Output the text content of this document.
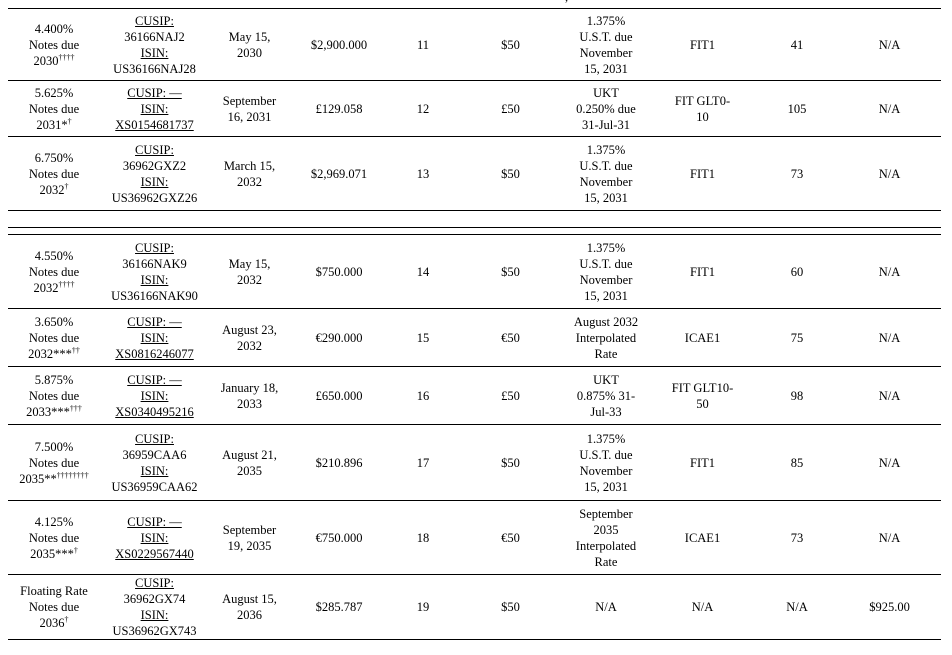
4.400%
Notes due
2030††††	CUSIP:
36166NAJ2
ISIN:
US36166NAJ28	May 15,
2030	$2,900.000	11	$50	1.375%
U.S.T. due
November
15, 2031	FIT1	41	N/A

5.625%
Notes due
2031*†	CUSIP: —
ISIN:
XS0154681737	September
16, 2031	£129.058	12	£50	UKT
0.250% due
31-Jul-31	FIT GLT0-
10	105	N/A

6.750%
Notes due
2032†	CUSIP:
36962GXZ2
ISIN:
US36962GXZ26	March 15,
2032	$2,969.071	13	$50	1.375%
U.S.T. due
November
15, 2031	FIT1	73	N/A
4.550%
Notes due
2032††††	CUSIP:
36166NAK9
ISIN:
US36166NAK90	May 15,
2032	$750.000	14	$50	1.375%
U.S.T. due
November
15, 2031	FIT1	60	N/A

3.650%
Notes due
2032***††	CUSIP: —
ISIN:
XS0816246077	August 23,
2032	€290.000	15	€50	August 2032
Interpolated
Rate	ICAE1	75	N/A

5.875%
Notes due
2033***†††	CUSIP: —
ISIN:
XS0340495216	January 18,
2033	£650.000	16	£50	UKT
0.875% 31-
Jul-33	FIT GLT10-
50	98	N/A

7.500%
Notes due
2035**††††††††	CUSIP:
36959CAA6
ISIN:
US36959CAA62	August 21,
2035	$210.896	17	$50	1.375%
U.S.T. due
November
15, 2031	FIT1	85	N/A

4.125%
Notes due
2035***†	CUSIP: —
ISIN:
XS0229567440	September
19, 2035	€750.000	18	€50	September
2035
Interpolated
Rate	ICAE1	73	N/A

Floating Rate
Notes due
2036†	CUSIP:
36962GX74
ISIN:
US36962GX743	August 15,
2036	$285.787	19	$50	N/A	N/A	N/A	$925.00
